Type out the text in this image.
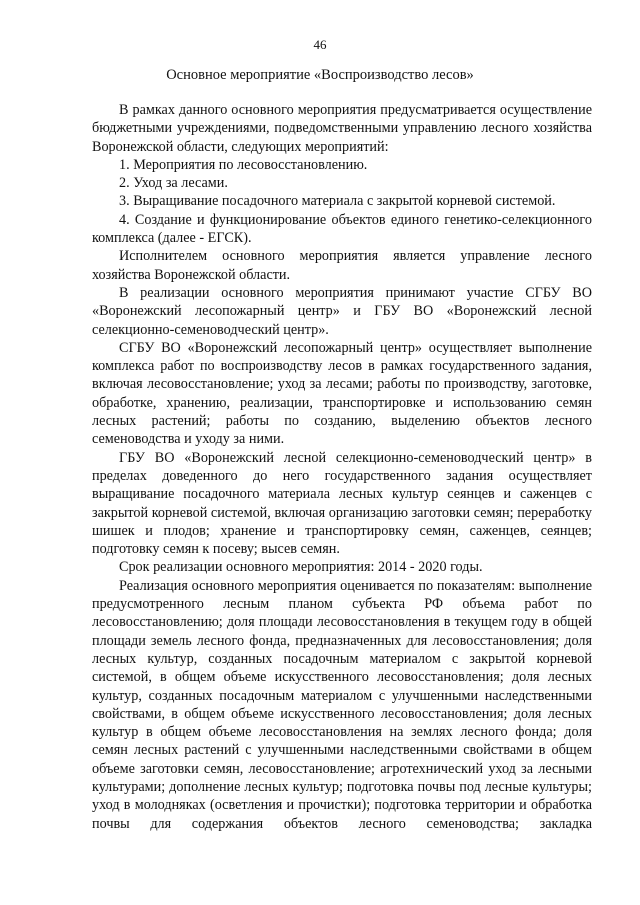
46
Основное мероприятие «Воспроизводство лесов»

В рамках данного основного мероприятия предусматривается осуществление бюджетными учреждениями, подведомственными управлению лесного хозяйства Воронежской области, следующих мероприятий:

1. Мероприятия по лесовосстановлению.

2. Уход за лесами.

3. Выращивание посадочного материала с закрытой корневой системой.

4. Создание и функционирование объектов единого генетико-селекционного комплекса (далее - ЕГСК).

Исполнителем основного мероприятия является управление лесного хозяйства Воронежской области.

В реализации основного мероприятия принимают участие СГБУ ВО «Воронежский лесопожарный центр» и ГБУ ВО «Воронежский лесной селекционно-семеноводческий центр».

СГБУ ВО «Воронежский лесопожарный центр» осуществляет выполнение комплекса работ по воспроизводству лесов в рамках государственного задания, включая лесовосстановление; уход за лесами; работы по производству, заготовке, обработке, хранению, реализации, транспортировке и использованию семян лесных растений; работы по созданию, выделению объектов лесного семеноводства и уходу за ними.

ГБУ ВО «Воронежский лесной селекционно-семеноводческий центр» в пределах доведенного до него государственного задания осуществляет выращивание посадочного материала лесных культур сеянцев и саженцев с закрытой корневой системой, включая организацию заготовки семян; переработку шишек и плодов; хранение и транспортировку семян, саженцев, сеянцев; подготовку семян к посеву; высев семян.

Срок реализации основного мероприятия: 2014 - 2020 годы.

Реализация основного мероприятия оценивается по показателям: выполнение предусмотренного лесным планом субъекта РФ объема работ по лесовосстановлению; доля площади лесовосстановления в текущем году в общей площади земель лесного фонда, предназначенных для лесовосстановления; доля лесных культур, созданных посадочным материалом с закрытой корневой системой, в общем объеме искусственного лесовосстановления; доля лесных культур, созданных посадочным материалом с улучшенными наследственными свойствами, в общем объеме искусственного лесовосстановления; доля лесных культур в общем объеме лесовосстановления на землях лесного фонда; доля семян лесных растений с улучшенными наследственными свойствами в общем объеме заготовки семян, лесовосстановление; агротехнический уход за лесными культурами; дополнение лесных культур; подготовка почвы под лесные культуры; уход в молодняках (осветления и прочистки); подготовка территории и обработка почвы для содержания объектов лесного семеноводства; закладка
